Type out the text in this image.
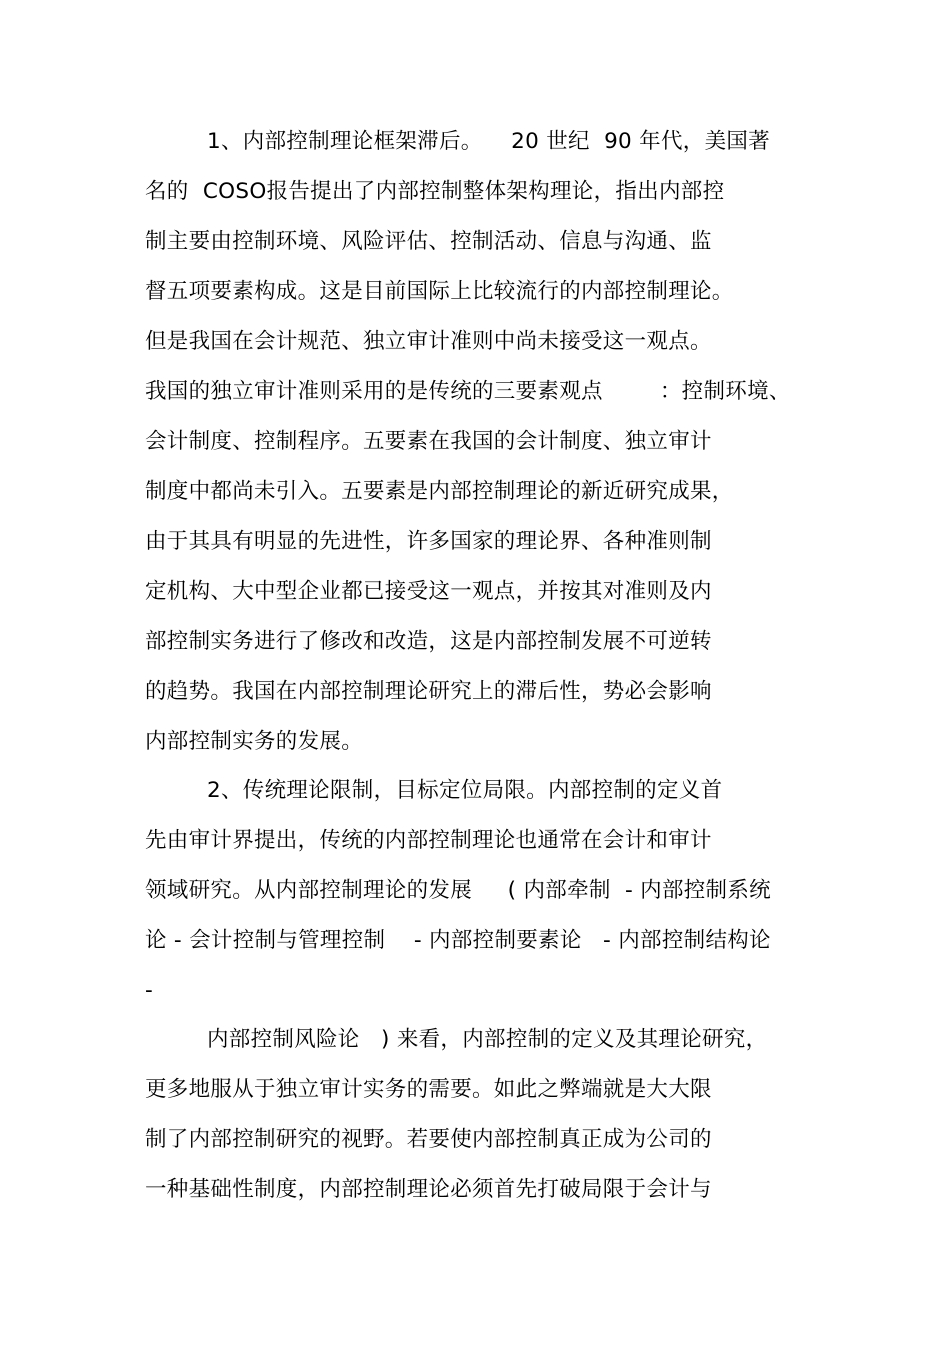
1、内部控制理论框架滞后。    20 世纪  90 年代，美国著
名的  COSO报告提出了内部控制整体架构理论，指出内部控
制主要由控制环境、风险评估、控制活动、信息与沟通、监
督五项要素构成。这是目前国际上比较流行的内部控制理论。
但是我国在会计规范、独立审计准则中尚未接受这一观点。
我国的独立审计准则采用的是传统的三要素观点        ：控制环境、
会计制度、控制程序。五要素在我国的会计制度、独立审计
制度中都尚未引入。五要素是内部控制理论的新近研究成果，
由于其具有明显的先进性，许多国家的理论界、各种准则制
定机构、大中型企业都已接受这一观点，并按其对准则及内
部控制实务进行了修改和改造，这是内部控制发展不可逆转
的趋势。我国在内部控制理论研究上的滞后性，势必会影响
内部控制实务的发展。
2、传统理论限制，目标定位局限。内部控制的定义首
先由审计界提出，传统的内部控制理论也通常在会计和审计
领域研究。从内部控制理论的发展     ( 内部牵制  - 内部控制系统
论 - 会计控制与管理控制    - 内部控制要素论   - 内部控制结构论
-
内部控制风险论   ) 来看，内部控制的定义及其理论研究，
更多地服从于独立审计实务的需要。如此之弊端就是大大限
制了内部控制研究的视野。若要使内部控制真正成为公司的
一种基础性制度，内部控制理论必须首先打破局限于会计与
